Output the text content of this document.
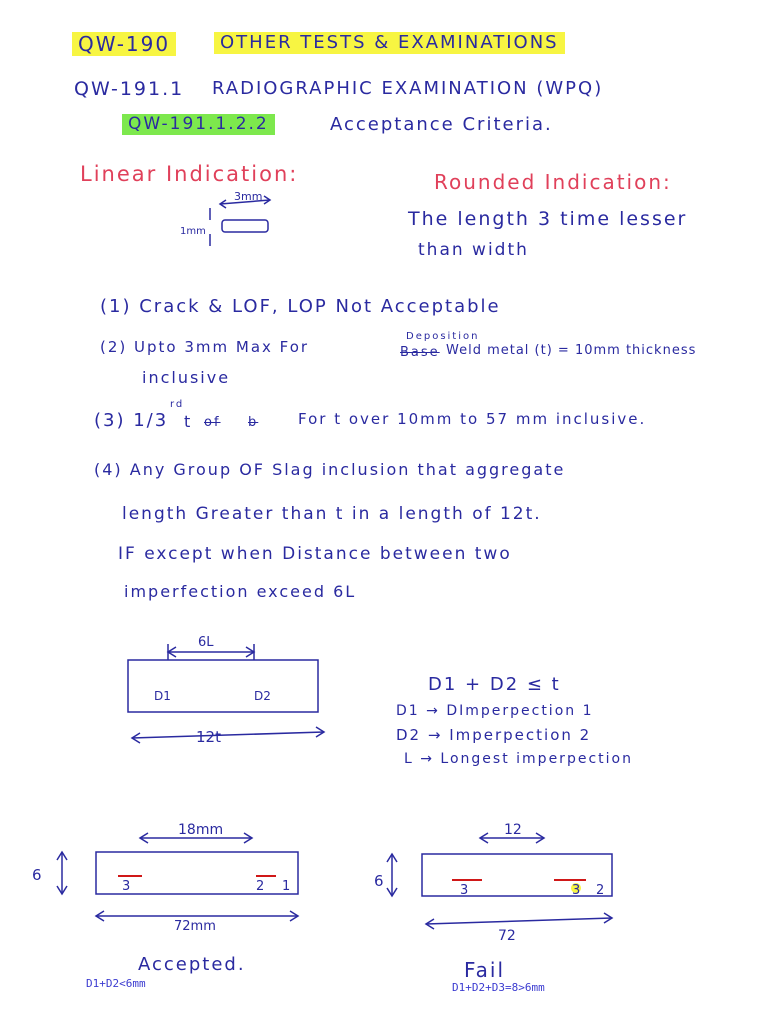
QW-190	OTHER TESTS & EXAMINATIONS
QW-191.1 RADIOGRAPHIC EXAMINATION (WPQ)
QW-191.1.2.2	Acceptance Criteria.
Linear Indication:	Rounded Indication:
The length 3 time lesser
than width
3mm
1mm
(1) Crack & LOF, LOP Not Acceptable
(2) Upto 3mm Max For
Deposition
Base Weld metal (t) = 10mm thickness
inclusive
(3) 1/3
rd
t of b	For t over 10mm to 57 mm inclusive.
(4) Any Group OF Slag inclusion that aggregate
length Greater than t in a length of 12t.
IF except when Distance between two
imperfection exceed 6L
6L
D1	D2
12t
D1 + D2 ≤ t
D1 → DImperpection 1
D2 → Imperpection 2
L → Longest imperpection
6
18mm
72mm
3	2 1
Accepted.
D1+D2<6mm
6
12
72
3	3 2
Fail
D1+D2+D3=8>6mm
